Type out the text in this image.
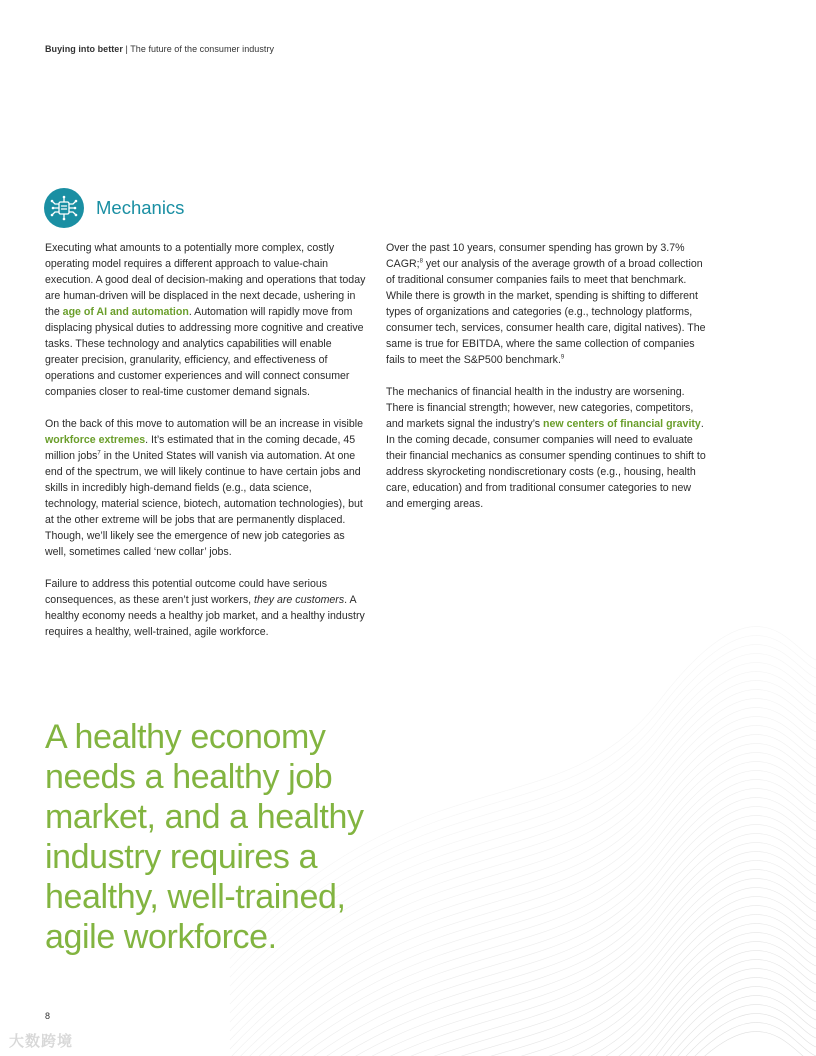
Buying into better | The future of the consumer industry
Mechanics

Executing what amounts to a potentially more complex, costly operating model requires a different approach to value-chain execution. A good deal of decision-making and operations that today are human-driven will be displaced in the next decade, ushering in the age of AI and automation. Automation will rapidly move from displacing physical duties to addressing more cognitive and creative tasks. These technology and analytics capabilities will enable greater precision, granularity, efficiency, and effectiveness of operations and customer experiences and will connect consumer companies closer to real-time customer demand signals.

On the back of this move to automation will be an increase in visible workforce extremes. It’s estimated that in the coming decade, 45 million jobs$^7$ in the United States will vanish via automation. At one end of the spectrum, we will likely continue to have certain jobs and skills in incredibly high-demand fields (e.g., data science, technology, material science, biotech, automation technologies), but at the other extreme will be jobs that are permanently displaced. Though, we’ll likely see the emergence of new job categories as well, sometimes called ‘new collar’ jobs.

Failure to address this potential outcome could have serious consequences, as these aren’t just workers, they are customers. A healthy economy needs a healthy job market, and a healthy industry requires a healthy, well-trained, agile workforce.

Over the past 10 years, consumer spending has grown by 3.7% CAGR;$^8$ yet our analysis of the average growth of a broad collection of traditional consumer companies fails to meet that benchmark. While there is growth in the market, spending is shifting to different types of organizations and categories (e.g., technology platforms, consumer tech, services, consumer health care, digital natives). The same is true for EBITDA, where the same collection of companies fails to meet the S&P500 benchmark.$^9$

The mechanics of financial health in the industry are worsening. There is financial strength; however, new categories, competitors, and markets signal the industry’s new centers of financial gravity. In the coming decade, consumer companies will need to evaluate their financial mechanics as consumer spending continues to shift to address skyrocketing nondiscretionary costs (e.g., housing, health care, education) and from traditional consumer categories to new and emerging areas.

A healthy economy
needs a healthy job
market, and a healthy
industry requires a
healthy, well-trained,
agile workforce.
8
大数跨境
